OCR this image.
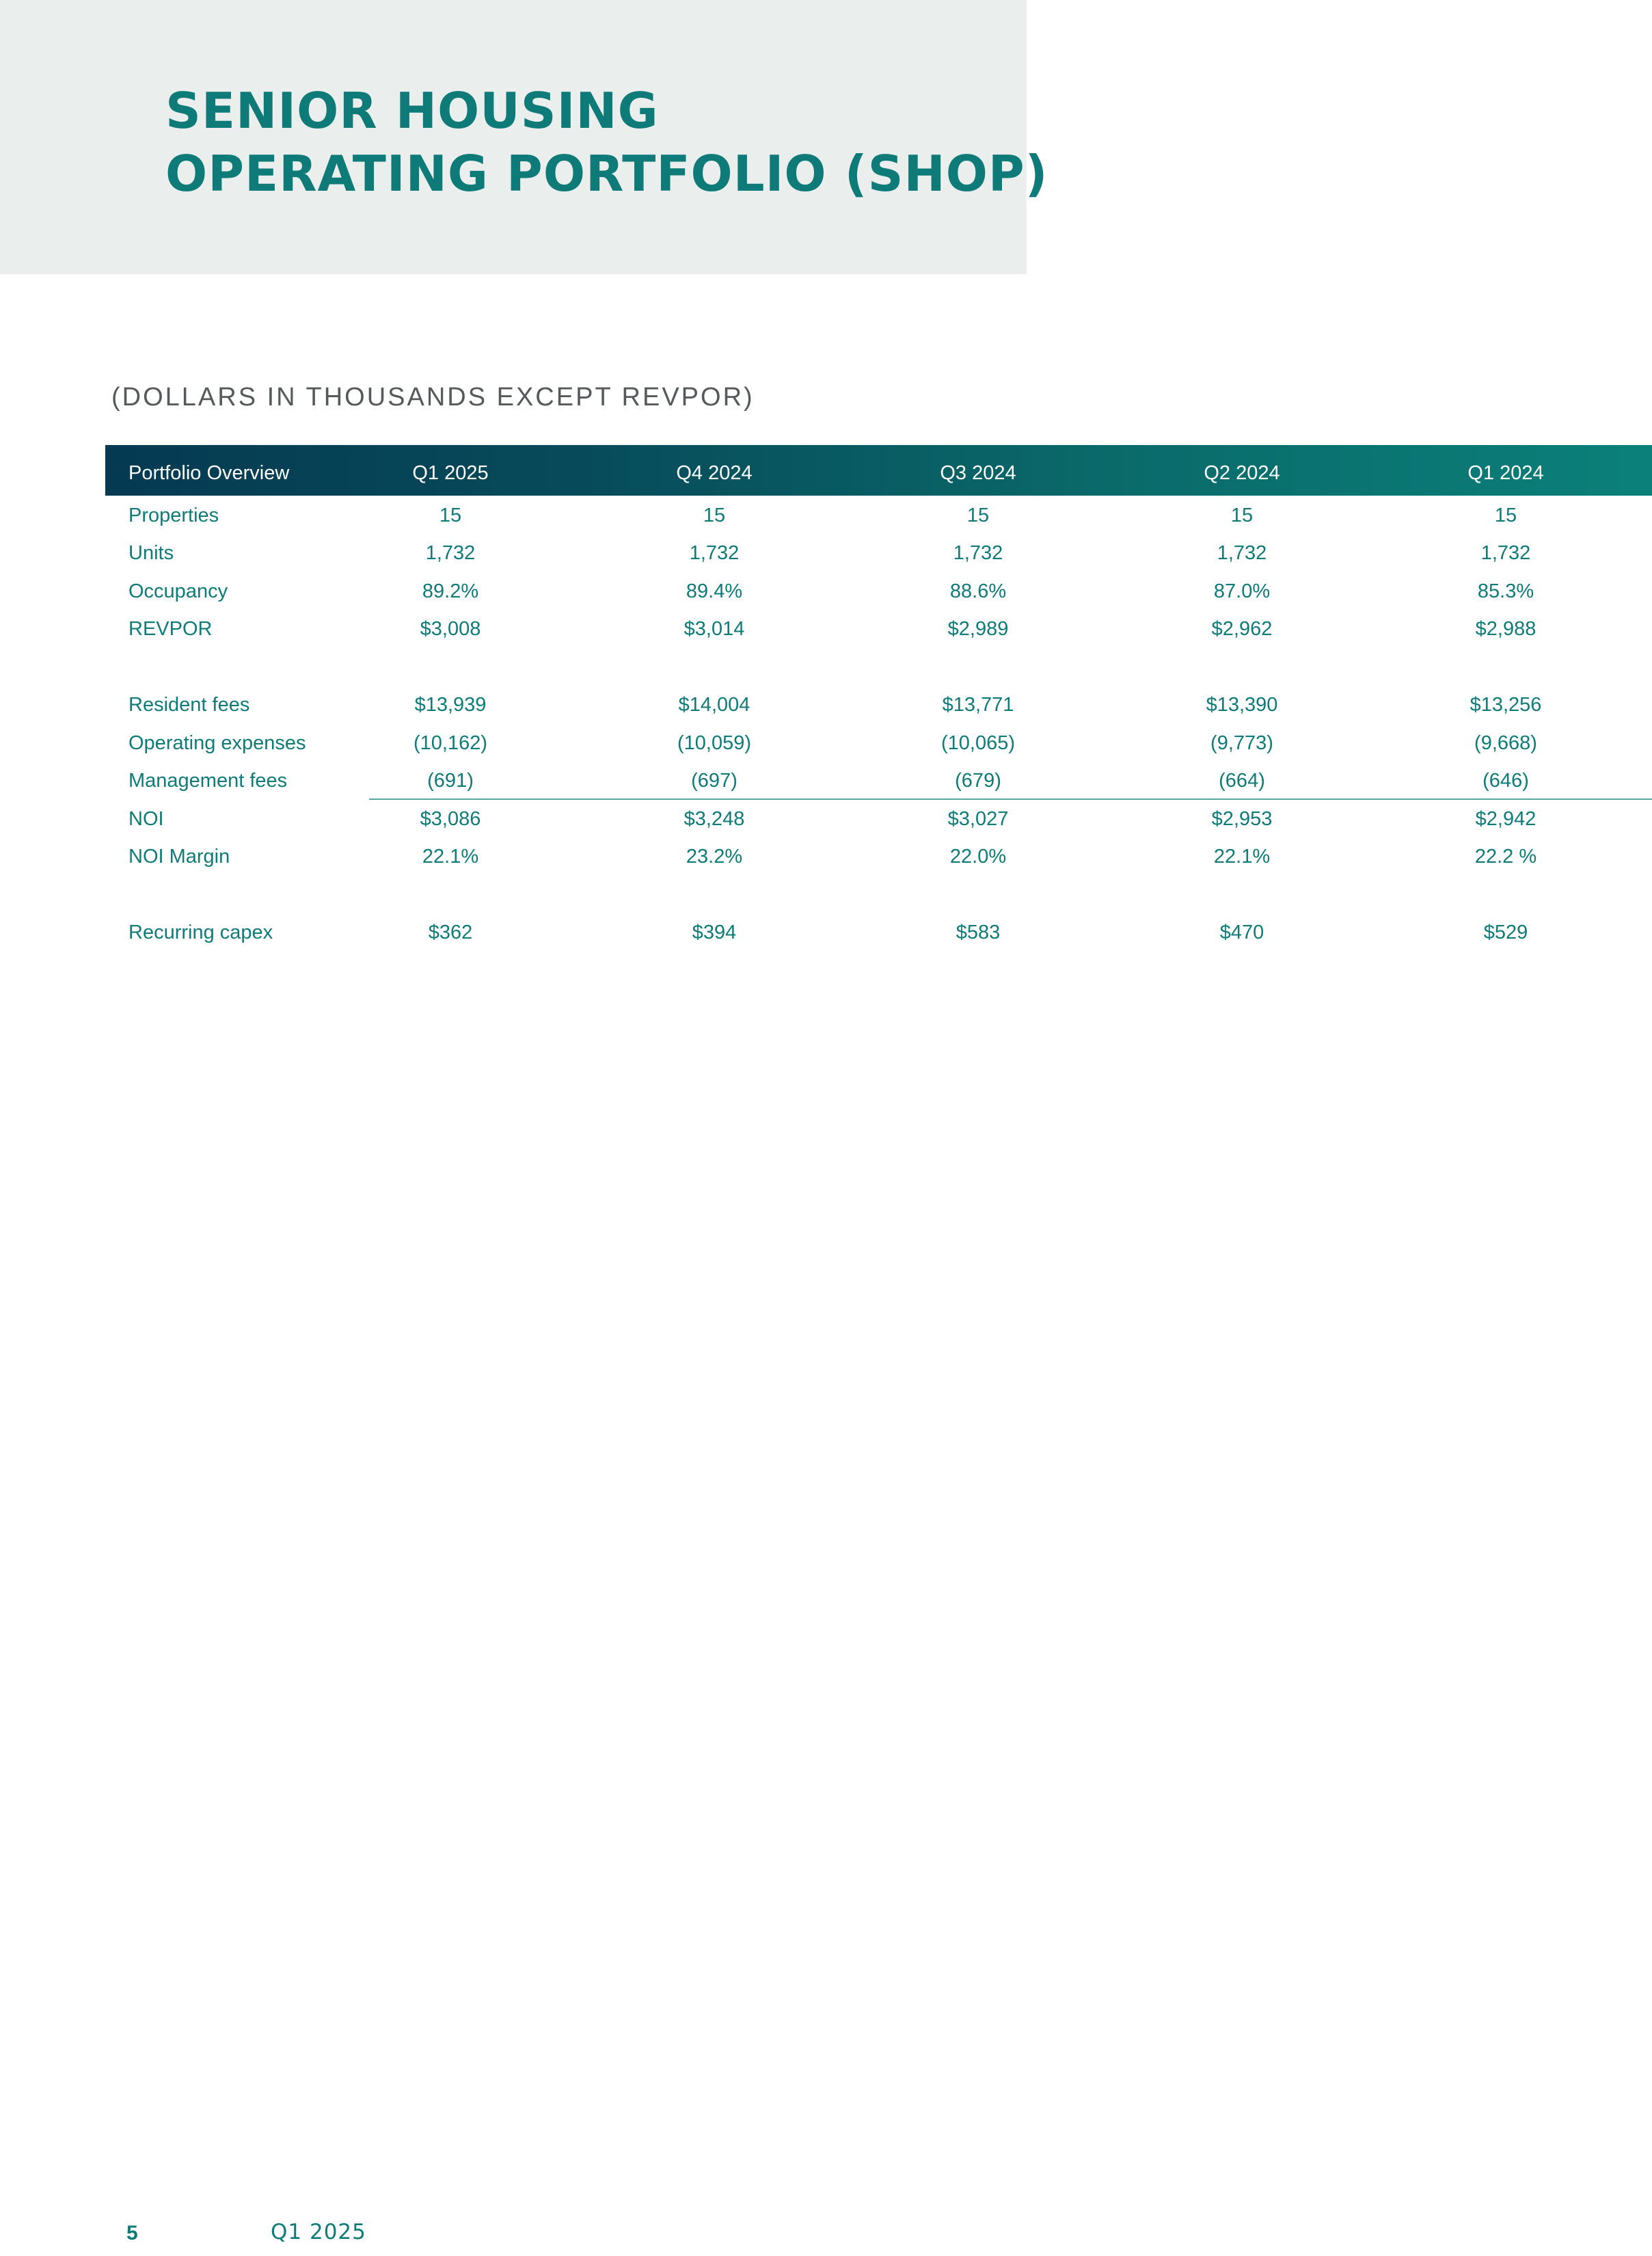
SENIOR HOUSING
OPERATING PORTFOLIO (SHOP)
(DOLLARS IN THOUSANDS EXCEPT REVPOR)
Portfolio Overview	Q1 2025	Q4 2024	Q3 2024	Q2 2024	Q1 2024
Properties	15	15	15	15	15
Units	1,732	1,732	1,732	1,732	1,732
Occupancy	89.2%	89.4%	88.6%	87.0%	85.3%
REVPOR	$3,008	$3,014	$2,989	$2,962	$2,988
Resident fees	$13,939	$14,004	$13,771	$13,390	$13,256
Operating expenses	(10,162)	(10,059)	(10,065)	(9,773)	(9,668)
Management fees	(691)	(697)	(679)	(664)	(646)
NOI	$3,086	$3,248	$3,027	$2,953	$2,942
NOI Margin	22.1%	23.2%	22.0%	22.1%	22.2 %
Recurring capex	$362	$394	$583	$470	$529
5	Q1 2025
